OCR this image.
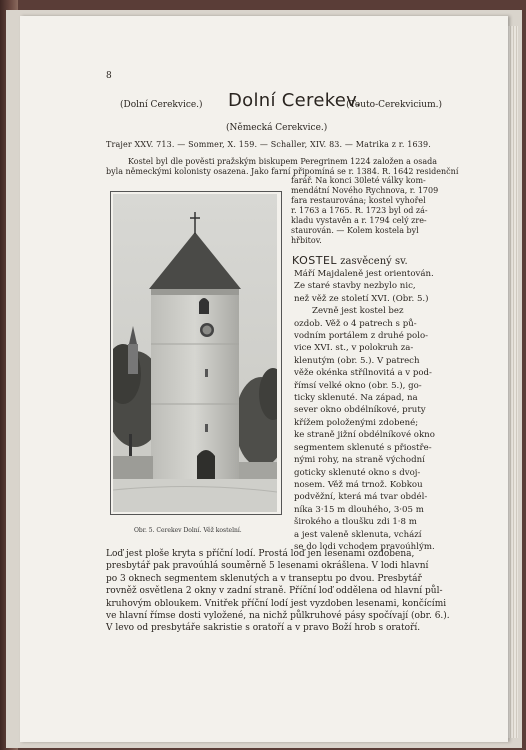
8
(Dolní Cerekvice.) Dolní Cerekev.
(Teuto-Cerekvicium.)
(Německá Cerekvice.)
Trajer XXV. 713. — Sommer, X. 159. — Schaller, XIV. 83. — Matrika z r. 1639.
Kostel byl dle pověsti pražským biskupem Peregrinem 1224 založen a osada
byla německými kolonisty osazena. Jako farní připomíná se r. 1384. R. 1642 residenční
farář. Na konci 30leté války kom-
mendátní Nového Rychnova, r. 1709
fara restaurována; kostel vyhořel
r. 1763 a 1765. R. 1723 byl od zá-
kladu vystavěn a r. 1794 celý zre-
staurován. — Kolem kostela byl
hřbitov.
Obr. 5. Cerekev Dolní. Věž kostelní.
KOSTEL zasvěcený sv.
Máří Majdaleně jest orientován.
Ze staré stavby nezbylo nic,
než věž ze století XVI. (Obr. 5.)
Zevně jest kostel bez
ozdob. Věž o 4 patrech s pů-
vodním portálem z druhé polo-
vice XVI. st., v polokruh za-
klenutým (obr. 5.). V patrech
věže okénka střílnovitá a v pod-
římsí velké okno (obr. 5.), go-
ticky sklenuté. Na západ, na
sever okno obdélníkové, pruty
křížem položenými zdobené;
ke straně jižní obdélníkové okno
segmentem sklenuté s přiostře-
nými rohy, na straně východní
goticky sklenuté okno s dvoj-
nosem. Věž má trnož. Kobkou
podvěžní, která má tvar obdél-
níka 3·15 m dlouhého, 3·05 m
širokého a tloušku zdi 1·8 m
a jest valeně sklenuta, vchází
se do lodi vchodem pravoúhlým.
Loď jest ploše kryta s příční lodí. Prostá loď jen lesenami ozdobena,
presbytář pak pravoúhlá souměrně 5 lesenami okrášlena. V lodi hlavní
po 3 oknech segmentem sklenutých a v transeptu po dvou. Presbytář
rovněž osvětlena 2 okny v zadní straně. Příční loď oddělena od hlavní půl-
kruhovým obloukem. Vnitřek příční lodí jest vyzdoben lesenami, končícími
ve hlavní římse dosti vyložené, na nichž půlkruhové pásy spočívají (obr. 6.).
V levo od presbytáře sakristie s oratoří a v pravo Boží hrob s oratoří.
